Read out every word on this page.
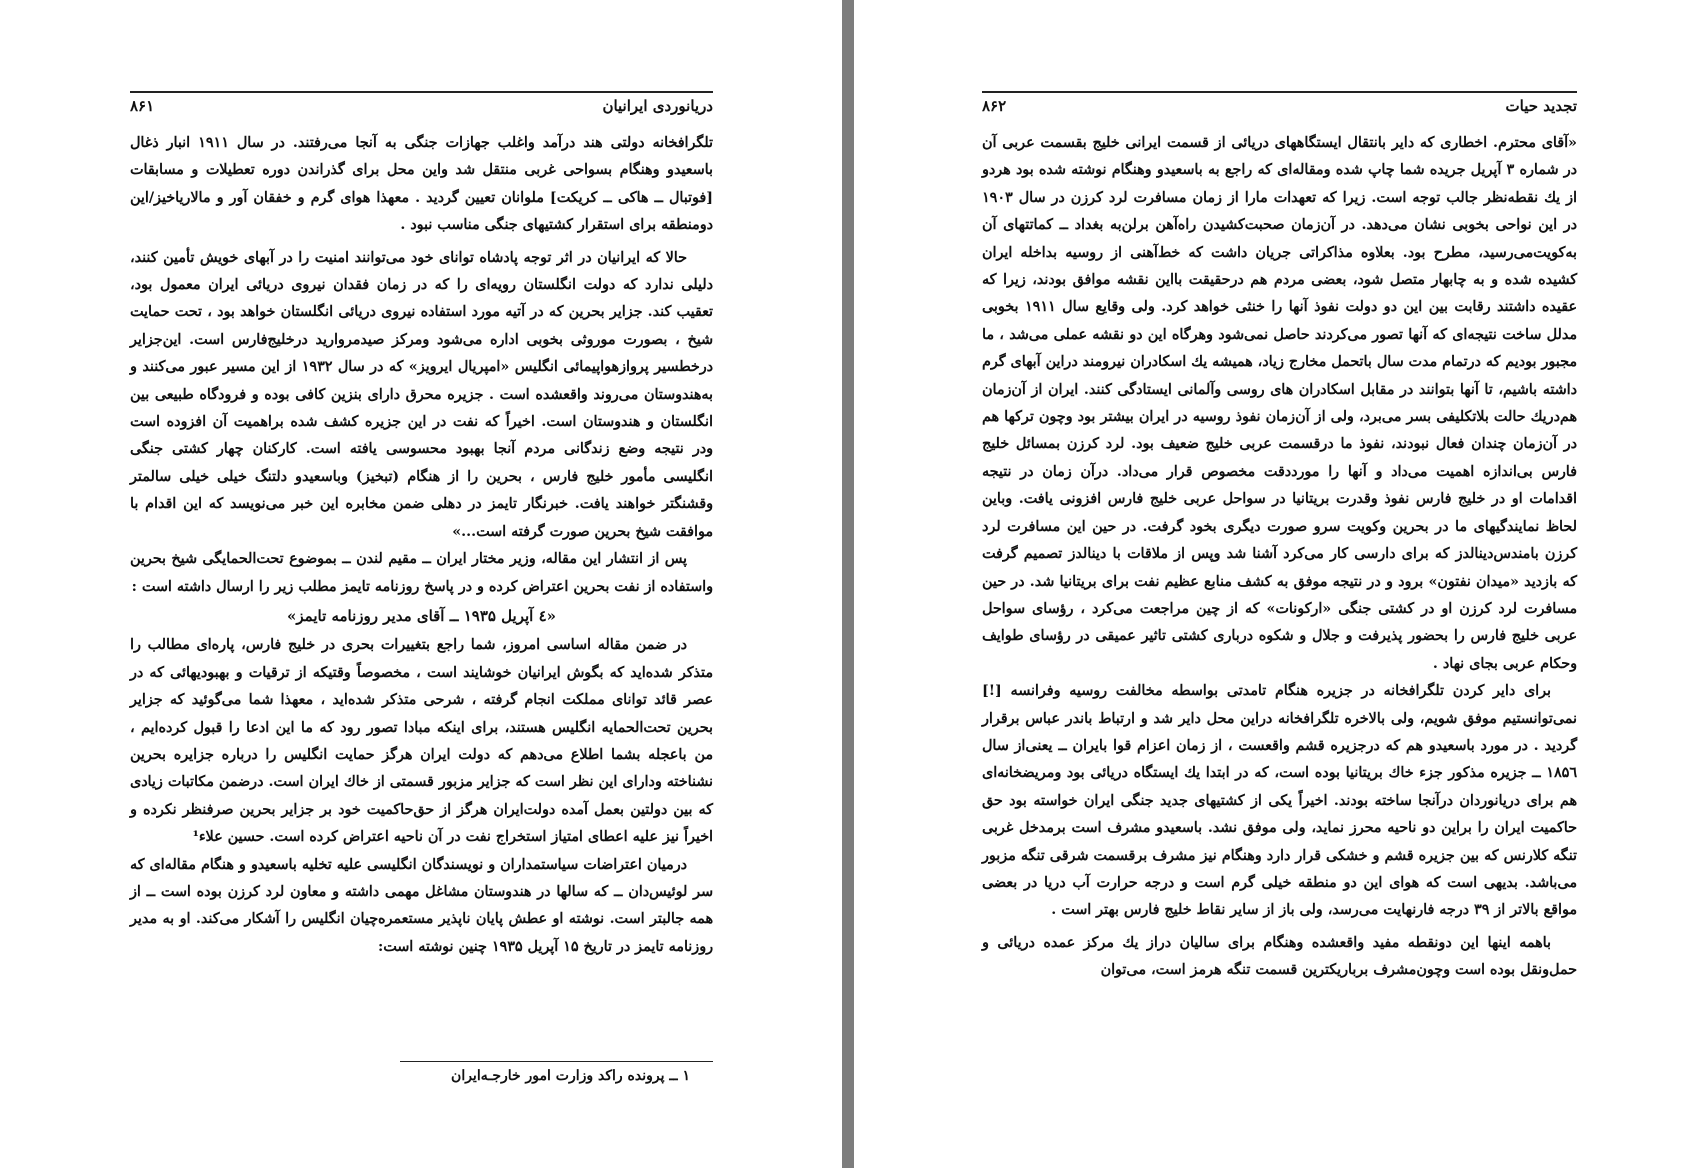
دریانوردی ایرانیان
۸۶۱

تلگرافخانه دولتی هند درآمد واغلب جهازات جنگی به آنجا می‌رفتند. در سال ۱۹۱۱ انبار ذغال باسعیدو وهنگام بسواحی غربی منتقل شد واین محل برای گذراندن دوره تعطیلات و مسابقات [فوتبال ــ هاکی ــ کریکت] ملوانان تعیین گردید . معهذا هوای گرم و خفقان آور و مالاریاخیز/این دومنطقه برای استقرار کشتیهای جنگی مناسب نبود .

حالا که ایرانیان در اثر توجه پادشاه توانای خود می‌توانند امنیت را در آبهای خویش تأمین کنند، دلیلی ندارد که دولت انگلستان رویه‌ای را که در زمان فقدان نیروی دریائی ایران معمول بود، تعقیب کند. جزایر بحرین که در آتیه مورد استفاده نیروی دریائی انگلستان خواهد بود ، تحت حمایت شیخ ، بصورت موروثی بخوبی اداره می‌شود ومرکز صیدمروارید درخلیج‌فارس است. این‌جزایر درخطسیر پروازهواپیمائی انگلیس «امپریال ایرویز» که در سال ۱۹۳۲ از این مسیر عبور می‌کنند و به‌هندوستان می‌روند واقعشده است . جزیره محرق دارای بنزین کافی بوده و فرودگاه طبیعی بین انگلستان و هندوستان است. اخیراً که نفت در این جزیره کشف شده براهمیت آن افزوده است ودر نتیجه وضع زندگانی مردم آنجا بهبود محسوسی یافته است. کارکنان چهار کشتی جنگی انگلیسی مأمور خلیج فارس ، بحرین را از هنگام (تبخیز) وباسعیدو دلتنگ خیلی خیلی سالمتر وقشنگتر خواهند یافت. خبرنگار تایمز در دهلی ضمن مخابره این خبر می‌نویسد که این اقدام با موافقت شیخ بحرین صورت گرفته است...»

پس از انتشار این مقاله، وزیر مختار ایران ــ مقیم لندن ــ بموضوع تحت‌الحمایگی شیخ بحرین واستفاده از نفت بحرین اعتراض کرده و در پاسخ روزنامه تایمز مطلب زیر را ارسال داشته است :

«٤ آپریل ۱۹۳۵ ــ آقای مدیر روزنامه تایمز»

در ضمن مقاله اساسی امروز، شما راجع بتغییرات بحری در خلیج فارس، پاره‌ای مطالب را متذکر شده‌اید که بگوش ایرانیان خوشایند است ، مخصوصاً وقتیکه از ترقیات و بهبودیهائی که در عصر قائد توانای مملکت انجام گرفته ، شرحی متذکر شده‌اید ، معهذا شما می‌گوئید که جزایر بحرین تحت‌الحمایه انگلیس هستند، برای اینکه مبادا تصور رود که ما این ادعا را قبول کرده‌ایم ، من باعجله بشما اطلاع می‌دهم که دولت ایران هرگز حمایت انگلیس را درباره جزایره بحرین نشناخته ودارای این نظر است که جزایر مزبور قسمتی از خاك ایران است. درضمن مکاتبات زیادی که بین دولتین بعمل آمده دولت‌ایران هرگز از حق‌حاکمیت خود بر جزایر بحرین صرفنظر نکرده و اخیراً نیز علیه اعطای امتیاز استخراج نفت در آن ناحیه اعتراض کرده است. حسین علاء¹

درمیان اعتراضات سیاستمداران و نویسندگان انگلیسی علیه تخلیه باسعیدو و هنگام مقاله‌ای که سر لوئیس‌دان ــ که سالها در هندوستان مشاغل مهمی داشته و معاون لرد کرزن بوده است ــ از همه جالبتر است. نوشته او عطش پایان ناپذیر مستعمره‌چیان انگلیس را آشکار می‌کند. او به مدیر روزنامه تایمز در تاریخ ۱۵ آپریل ۱۹۳۵ چنین نوشته است:

۱ ــ پرونده راکد وزارت امور خارجـه‌ایران
تجدید حیات
۸۶۲

«آقای محترم. اخطاری که دایر بانتقال ایستگاههای دریائی از قسمت ایرانی خلیج بقسمت عربی آن در شماره ۳ آپریل جریده شما چاپ شده ومقاله‌ای که راجع به باسعیدو وهنگام نوشته شده بود هردو از يك نقطه‌نظر جالب توجه است. زیرا که تعهدات مارا از زمان مسافرت لرد کرزن در سال ۱۹۰۳ در این نواحی بخوبی نشان می‌دهد. در آن‌زمان صحبت‌کشیدن راه‌آهن برلن‌به بغداد ــ کماتتهای آن به‌کویت‌می‌رسید، مطرح بود. بعلاوه مذاکراتی جریان داشت که خط‌آهنی از روسیه بداخله ایران کشیده شده و به چابهار متصل شود، بعضی مردم هم درحقیقت بااین نقشه موافق بودند، زیرا که عقیده داشتند رقابت بین این دو دولت نفوذ آنها را خنثی خواهد کرد. ولی وقایع سال ۱۹۱۱ بخوبی مدلل ساخت نتیجه‌ای که آنها تصور می‌کردند حاصل نمی‌شود وهرگاه این دو نقشه عملی می‌شد ، ما مجبور بودیم که درتمام مدت سال باتحمل مخارج زیاد، همیشه يك اسکادران نیرومند دراین آبهای گرم داشته باشیم، تا آنها بتوانند در مقابل اسکادران های روسی وآلمانی ایستادگی کنند. ایران از آن‌زمان هم‌دريك حالت بلاتکلیفی بسر می‌برد، ولی از آن‌زمان نفوذ روسیه در ایران بیشتر بود وچون ترکها هم در آن‌زمان چندان فعال نبودند، نفوذ ما درقسمت عربی خلیج ضعیف بود. لرد کرزن بمسائل خلیج فارس بی‌اندازه اهمیت می‌داد و آنها را مورددقت مخصوص قرار می‌داد. درآن زمان در نتیجه اقدامات او در خلیج فارس نفوذ وقدرت بریتانیا در سواحل عربی خلیج فارس افزونی یافت. وباین لحاظ نمایندگیهای ما در بحرین وکویت سرو صورت دیگری بخود گرفت. در حین این مسافرت لرد کرزن بامندس‌دینالدز که برای دارسی کار می‌کرد آشنا شد وپس از ملاقات با دینالدز تصمیم گرفت که بازدید «میدان نفتون» برود و در نتیجه موفق به کشف منابع عظیم نفت برای بریتانیا شد. در حین مسافرت لرد کرزن او در کشتی جنگی «ارکونات» که از چین مراجعت می‌کرد ، رؤسای سواحل عربی خلیج فارس را بحضور پذیرفت و جلال و شکوه درباری کشتی تاثیر عمیقی در رؤسای طوایف وحکام عربی بجای نهاد .

برای دایر کردن تلگرافخانه در جزیره هنگام تامدتی بواسطه مخالفت روسیه وفرانسه [!] نمی‌توانستیم موفق شویم، ولی بالاخره تلگرافخانه دراین محل دایر شد و ارتباط باندر عباس برقرار گردید . در مورد باسعیدو هم که درجزیره قشم واقعست ، از زمان اعزام قوا بایران ــ یعنی‌از سال ۱۸۵٦ ــ جزیره مذکور جزء خاك بریتانیا بوده است، که در ابتدا يك ایستگاه دریائی بود ومریضخانه‌ای هم برای دریانوردان درآنجا ساخته بودند. اخیراً یکی از کشتیهای جدید جنگی ایران خواسته بود حق حاکمیت ایران را براین دو ناحیه محرز نماید، ولی موفق نشد. باسعیدو مشرف است برمدخل غربی تنگه کلارنس که بین جزیره قشم و خشکی قرار دارد وهنگام نیز مشرف برقسمت شرقی تنگه مزبور می‌باشد. بدیهی است که هوای این دو منطقه خیلی گرم است و درجه حرارت آب دریا در بعضی مواقع بالاتر از ۳۹ درجه فارنهایت می‌رسد، ولی باز از سایر نقاط خلیج فارس بهتر است .

باهمه اینها این دونقطه مفید واقعشده وهنگام برای سالیان دراز يك مرکز عمده دریائی و حمل‌ونقل بوده است وچون‌مشرف برباریکترین قسمت تنگه هرمز است، می‌توان
